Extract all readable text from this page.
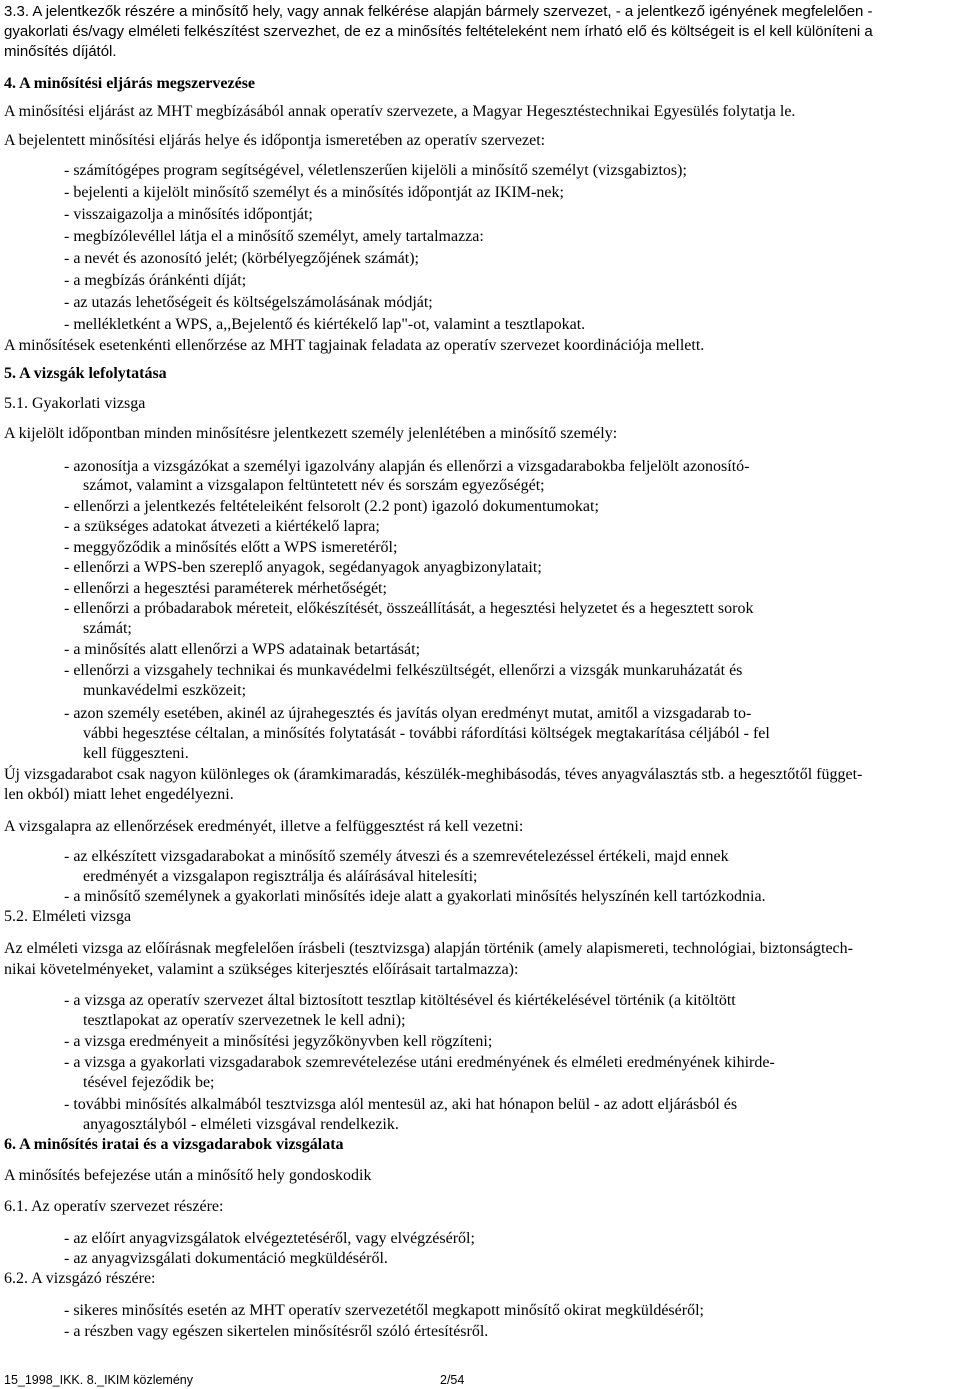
3.3. A jelentkezők részére a minősítő hely, vagy annak felkérése alapján bármely szervezet, - a jelentkező igényének megfelelően -
gyakorlati és/vagy elméleti felkészítést szervezhet, de ez a minősítés feltételeként nem írható elő és költségeit is el kell különíteni a
minősítés díjától.
4. A minősítési eljárás megszervezése
A minősítési eljárást az MHT megbízásából annak operatív szervezete, a Magyar Hegesztéstechnikai Egyesülés folytatja le.
A bejelentett minősítési eljárás helye és időpontja ismeretében az operatív szervezet:
- számítógépes program segítségével, véletlenszerűen kijelöli a minősítő személyt (vizsgabiztos);
- bejelenti a kijelölt minősítő személyt és a minősítés időpontját az IKIM-nek;
- visszaigazolja a minősítés időpontját;
- megbízólevéllel látja el a minősítő személyt, amely tartalmazza:
- a nevét és azonosító jelét; (körbélyegzőjének számát);
- a megbízás óránkénti díját;
- az utazás lehetőségeit és költségelszámolásának módját;
- mellékletként a WPS, a,,Bejelentő és kiértékelő lap"-ot, valamint a tesztlapokat.
A minősítések esetenkénti ellenőrzése az MHT tagjainak feladata az operatív szervezet koordinációja mellett.
5. A vizsgák lefolytatása
5.1. Gyakorlati vizsga
A kijelölt időpontban minden minősítésre jelentkezett személy jelenlétében a minősítő személy:
- azonosítja a vizsgázókat a személyi igazolvány alapján és ellenőrzi a vizsgadarabokba feljelölt azonosító-
számot, valamint a vizsgalapon feltüntetett név és sorszám egyezőségét;
- ellenőrzi a jelentkezés feltételeiként felsorolt (2.2 pont) igazoló dokumentumokat;
- a szükséges adatokat átvezeti a kiértékelő lapra;
- meggyőződik a minősítés előtt a WPS ismeretéről;
- ellenőrzi a WPS-ben szereplő anyagok, segédanyagok anyagbizonylatait;
- ellenőrzi a hegesztési paraméterek mérhetőségét;
- ellenőrzi a próbadarabok méreteit, előkészítését, összeállítását, a hegesztési helyzetet és a hegesztett sorok
számát;
- a minősítés alatt ellenőrzi a WPS adatainak betartását;
- ellenőrzi a vizsgahely technikai és munkavédelmi felkészültségét, ellenőrzi a vizsgák munkaruházatát és
munkavédelmi eszközeit;
- azon személy esetében, akinél az újrahegesztés és javítás olyan eredményt mutat, amitől a vizsgadarab to-
vábbi hegesztése céltalan, a minősítés folytatását - további ráfordítási költségek megtakarítása céljából - fel
kell függeszteni.
Új vizsgadarabot csak nagyon különleges ok (áramkimaradás, készülék-meghibásodás, téves anyagválasztás stb. a hegesztőtől függet-
len okból) miatt lehet engedélyezni.
A vizsgalapra az ellenőrzések eredményét, illetve a felfüggesztést rá kell vezetni:
- az elkészített vizsgadarabokat a minősítő személy átveszi és a szemrevételezéssel értékeli, majd ennek
eredményét a vizsgalapon regisztrálja és aláírásával hitelesíti;
- a minősítő személynek a gyakorlati minősítés ideje alatt a gyakorlati minősítés helyszínén kell tartózkodnia.
5.2. Elméleti vizsga
Az elméleti vizsga az előírásnak megfelelően írásbeli (tesztvizsga) alapján történik (amely alapismereti, technológiai, biztonságtech-
nikai követelményeket, valamint a szükséges kiterjesztés előírásait tartalmazza):
- a vizsga az operatív szervezet által biztosított tesztlap kitöltésével és kiértékelésével történik (a kitöltött
tesztlapokat az operatív szervezetnek le kell adni);
- a vizsga eredményeit a minősítési jegyzőkönyvben kell rögzíteni;
- a vizsga a gyakorlati vizsgadarabok szemrevételezése utáni eredményének és elméleti eredményének kihirde-
tésével fejeződik be;
- további minősítés alkalmából tesztvizsga alól mentesül az, aki hat hónapon belül - az adott eljárásból és
anyagosztályból - elméleti vizsgával rendelkezik.
6. A minősítés iratai és a vizsgadarabok vizsgálata
A minősítés befejezése után a minősítő hely gondoskodik
6.1. Az operatív szervezet részére:
- az előírt anyagvizsgálatok elvégeztetéséről, vagy elvégzéséről;
- az anyagvizsgálati dokumentáció megküldéséről.
6.2. A vizsgázó részére:
- sikeres minősítés esetén az MHT operatív szervezetétől megkapott minősítő okirat megküldéséről;
- a részben vagy egészen sikertelen minősítésről szóló értesítésről.
15_1998_IKK. 8._IKIM közlemény	2/54
